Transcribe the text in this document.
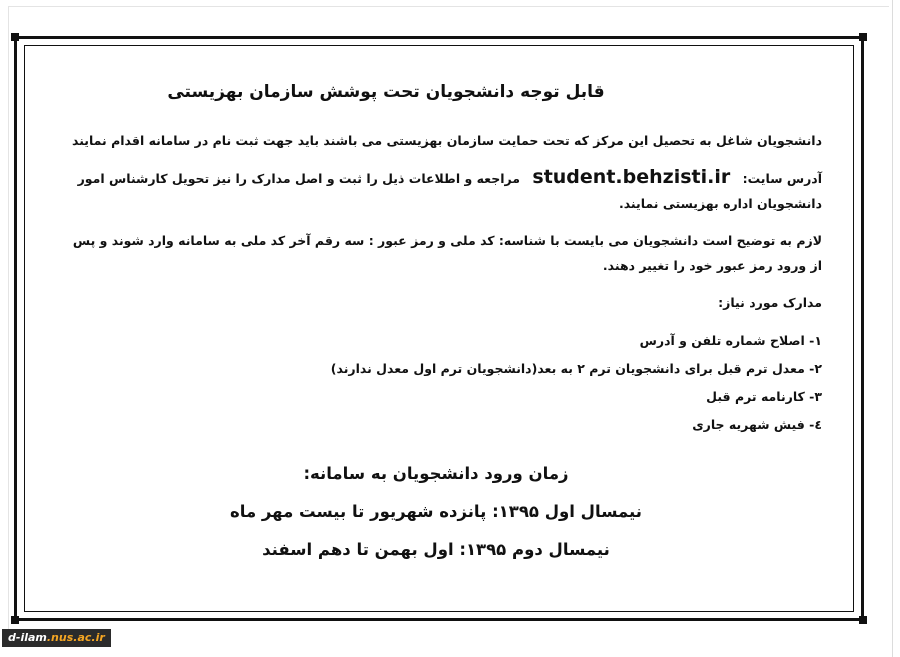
قابل توجه دانشجویان تحت پوشش سازمان بهزیستی

دانشجویان شاغل به تحصیل این مرکز که تحت حمایت سازمان بهزیستی می باشند باید جهت ثبت نام در سامانه اقدام نمایند

آدرس سایت: student.behzisti.ir مراجعه و اطلاعات ذیل را ثبت و اصل مدارک را نیز تحویل کارشناس امور دانشجویان اداره بهزیستی نمایند.

لازم به توضیح است دانشجویان می بایست با شناسه: کد ملی و رمز عبور : سه رقم آخر کد ملی به سامانه وارد شوند و پس از ورود رمز عبور خود را تغییر دهند.

مدارک مورد نیاز:

۱- اصلاح شماره تلفن و آدرس
۲- معدل ترم قبل برای دانشجویان ترم ۲ به بعد(دانشجویان ترم اول معدل ندارند)
۳- کارنامه ترم قبل
٤- فیش شهریه جاری
زمان ورود دانشجویان به سامانه:
نیمسال اول ۱۳۹۵: پانزده شهریور تا بیست مهر ماه
نیمسال دوم ۱۳۹۵: اول بهمن تا دهم اسفند
d-ilam.nus.ac.ir
